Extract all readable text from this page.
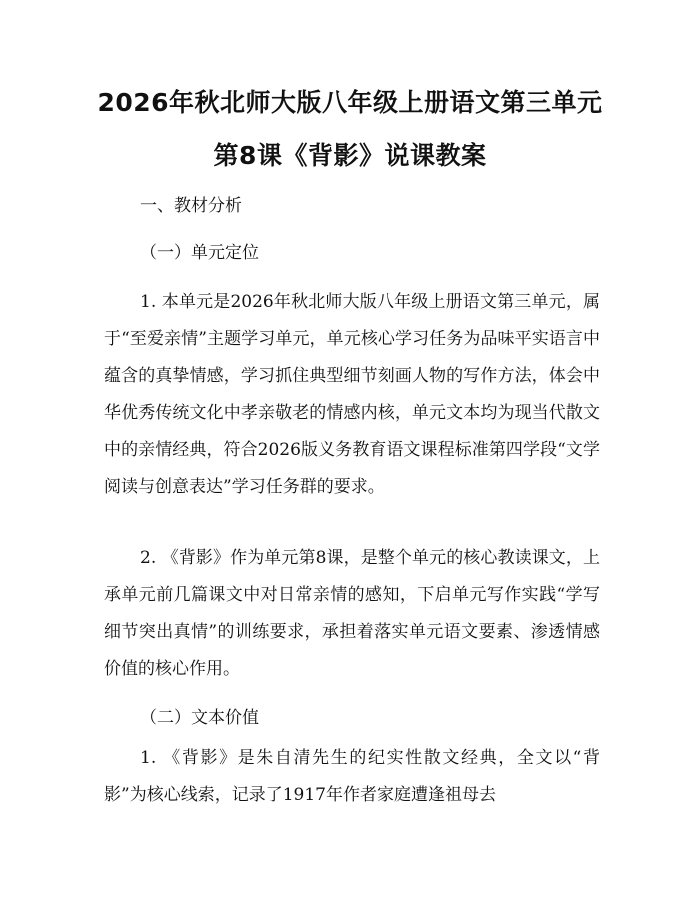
2026年秋北师大版八年级上册语文第三单元
第8课《背影》说课教案
一、教材分析
（一）单元定位
1. 本单元是2026年秋北师大版八年级上册语文第三单元，属于“至爱亲情”主题学习单元，单元核心学习任务为品味平实语言中蕴含的真挚情感，学习抓住典型细节刻画人物的写作方法，体会中华优秀传统文化中孝亲敬老的情感内核，单元文本均为现当代散文中的亲情经典，符合2026版义务教育语文课程标准第四学段“文学阅读与创意表达”学习任务群的要求。
2. 《背影》作为单元第8课，是整个单元的核心教读课文，上承单元前几篇课文中对日常亲情的感知，下启单元写作实践“学写细节突出真情”的训练要求，承担着落实单元语文要素、渗透情感价值的核心作用。
（二）文本价值
1. 《背影》是朱自清先生的纪实性散文经典，全文以“背影”为核心线索，记录了1917年作者家庭遭逢祖母去
